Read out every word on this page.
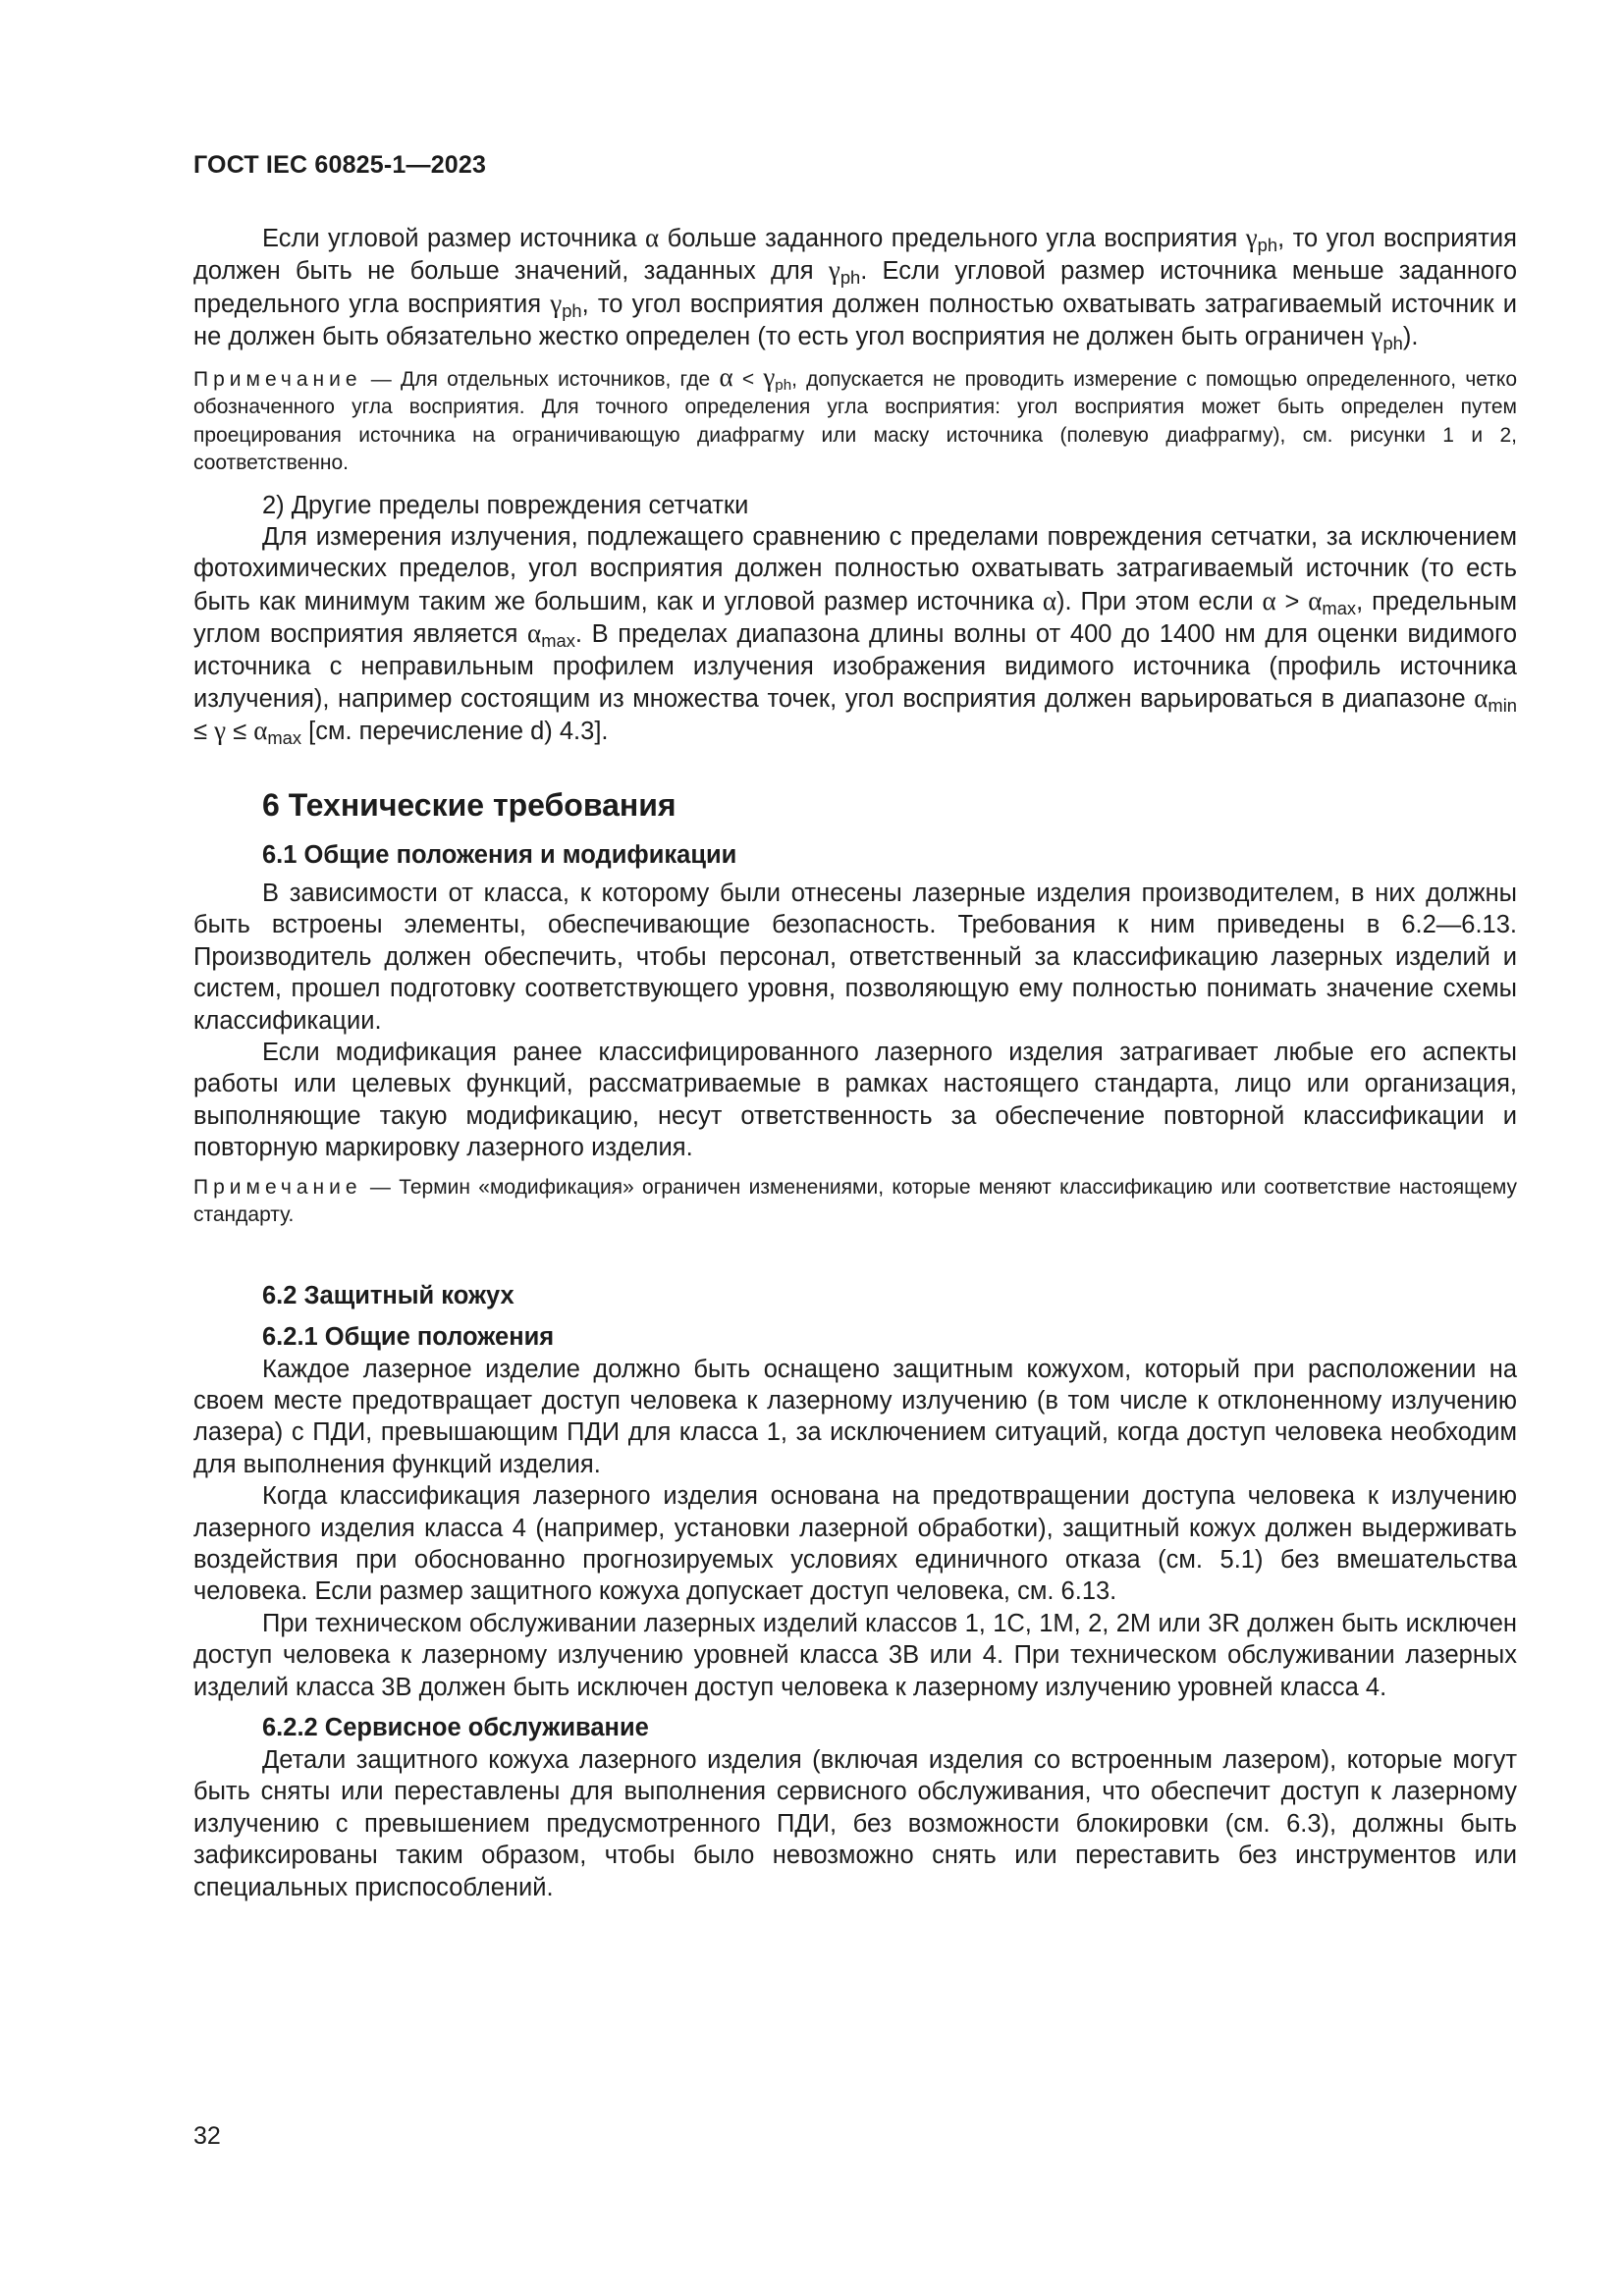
ГОСТ IEC 60825-1—2023

Если угловой размер источника α больше заданного предельного угла восприятия $\gamma_{ph}$, то угол восприятия должен быть не больше значений, заданных для $\gamma_{ph}$. Если угловой размер источника меньше заданного предельного угла восприятия $\gamma_{ph}$, то угол восприятия должен полностью охватывать затрагиваемый источник и не должен быть обязательно жестко определен (то есть угол восприятия не должен быть ограничен $\gamma_{ph}$).

Примечание — Для отдельных источников, где $\alpha < \gamma_{ph}$, допускается не проводить измерение с помощью определенного, четко обозначенного угла восприятия. Для точного определения угла восприятия: угол восприятия может быть определен путем проецирования источника на ограничивающую диафрагму или маску источника (полевую диафрагму), см. рисунки 1 и 2, соответственно.

2) Другие пределы повреждения сетчатки

Для измерения излучения, подлежащего сравнению с пределами повреждения сетчатки, за исключением фотохимических пределов, угол восприятия должен полностью охватывать затрагиваемый источник (то есть быть как минимум таким же большим, как и угловой размер источника α). При этом если $\alpha > \alpha_{max}$, предельным углом восприятия является $\alpha_{max}$. В пределах диапазона длины волны от 400 до 1400 нм для оценки видимого источника с неправильным профилем излучения изображения видимого источника (профиль источника излучения), например состоящим из множества точек, угол восприятия должен варьироваться в диапазоне $\alpha_{min} \le \gamma \le \alpha_{max}$ [см. перечисление d) 4.3].

6 Технические требования
6.1 Общие положения и модификации

В зависимости от класса, к которому были отнесены лазерные изделия производителем, в них должны быть встроены элементы, обеспечивающие безопасность. Требования к ним приведены в 6.2—6.13. Производитель должен обеспечить, чтобы персонал, ответственный за классификацию лазерных изделий и систем, прошел подготовку соответствующего уровня, позволяющую ему полностью понимать значение схемы классификации.

Если модификация ранее классифицированного лазерного изделия затрагивает любые его аспекты работы или целевых функций, рассматриваемые в рамках настоящего стандарта, лицо или организация, выполняющие такую модификацию, несут ответственность за обеспечение повторной классификации и повторную маркировку лазерного изделия.

Примечание — Термин «модификация» ограничен изменениями, которые меняют классификацию или соответствие настоящему стандарту.

6.2 Защитный кожух
6.2.1 Общие положения

Каждое лазерное изделие должно быть оснащено защитным кожухом, который при расположении на своем месте предотвращает доступ человека к лазерному излучению (в том числе к отклоненному излучению лазера) с ПДИ, превышающим ПДИ для класса 1, за исключением ситуаций, когда доступ человека необходим для выполнения функций изделия.

Когда классификация лазерного изделия основана на предотвращении доступа человека к излучению лазерного изделия класса 4 (например, установки лазерной обработки), защитный кожух должен выдерживать воздействия при обоснованно прогнозируемых условиях единичного отказа (см. 5.1) без вмешательства человека. Если размер защитного кожуха допускает доступ человека, см. 6.13.

При техническом обслуживании лазерных изделий классов 1, 1С, 1М, 2, 2М или 3R должен быть исключен доступ человека к лазерному излучению уровней класса 3В или 4. При техническом обслуживании лазерных изделий класса 3В должен быть исключен доступ человека к лазерному излучению уровней класса 4.

6.2.2 Сервисное обслуживание

Детали защитного кожуха лазерного изделия (включая изделия со встроенным лазером), которые могут быть сняты или переставлены для выполнения сервисного обслуживания, что обеспечит доступ к лазерному излучению с превышением предусмотренного ПДИ, без возможности блокировки (см. 6.3), должны быть зафиксированы таким образом, чтобы было невозможно снять или переставить без инструментов или специальных приспособлений.

32
